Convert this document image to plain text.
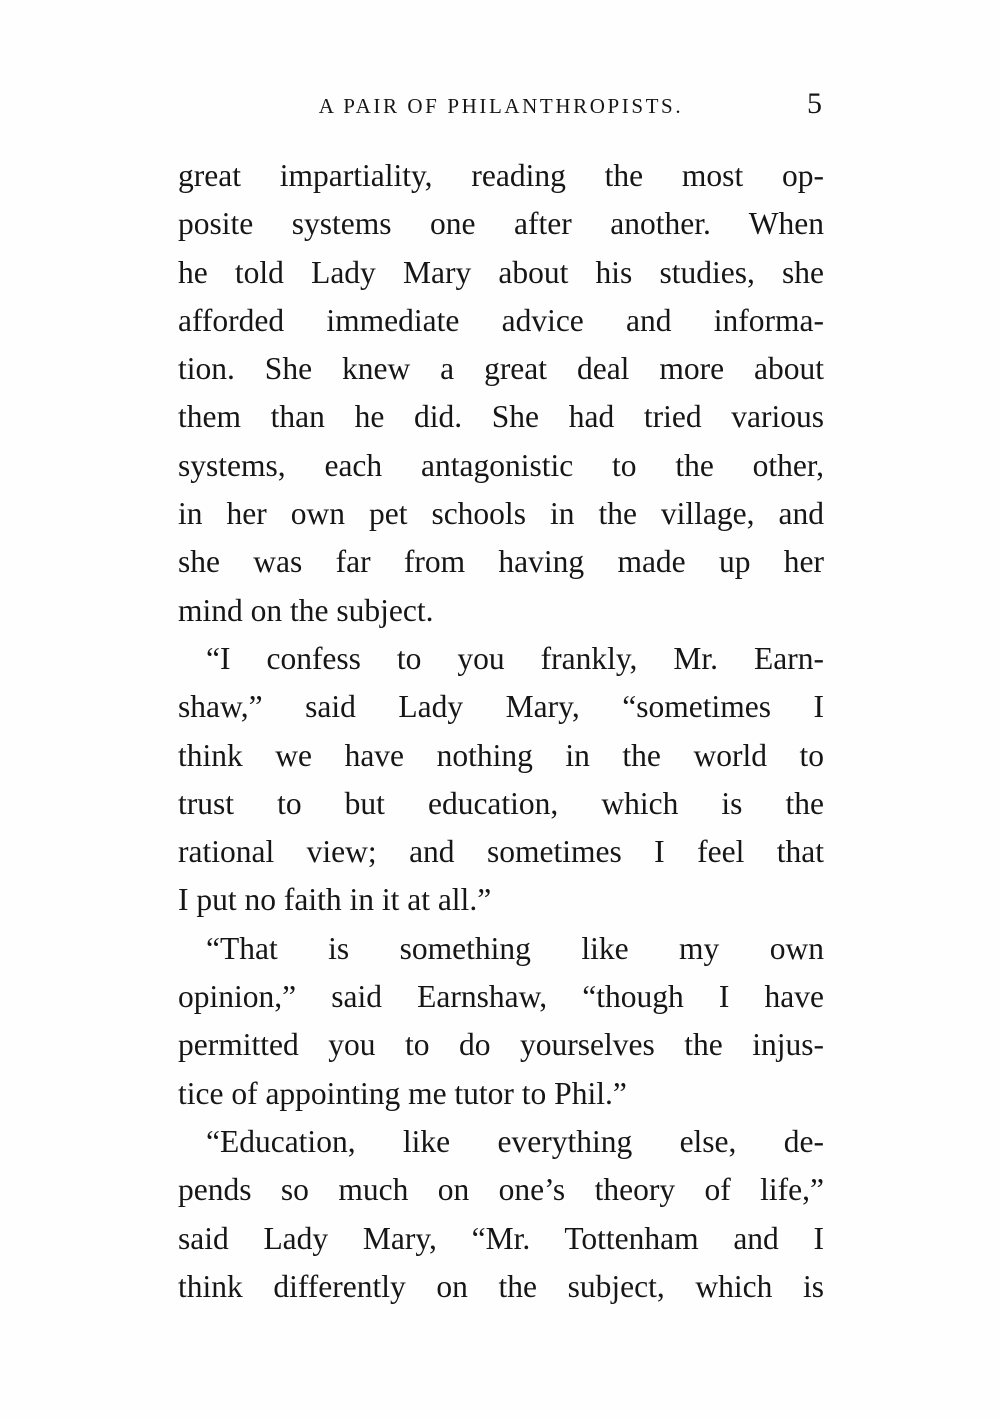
A PAIR OF PHILANTHROPISTS.	5
great impartiality, reading the most op-
posite systems one after another. When
he told Lady Mary about his studies, she
afforded immediate advice and informa-
tion. She knew a great deal more about
them than he did. She had tried various
systems, each antagonistic to the other,
in her own pet schools in the village, and
she was far from having made up her
mind on the subject.
“I confess to you frankly, Mr. Earn-
shaw,” said Lady Mary, “sometimes I
think we have nothing in the world to
trust to but education, which is the
rational view; and sometimes I feel that
I put no faith in it at all.”
“That is something like my own
opinion,” said Earnshaw, “though I have
permitted you to do yourselves the injus-
tice of appointing me tutor to Phil.”
“Education, like everything else, de-
pends so much on one’s theory of life,”
said Lady Mary, “Mr. Tottenham and I
think differently on the subject, which is
